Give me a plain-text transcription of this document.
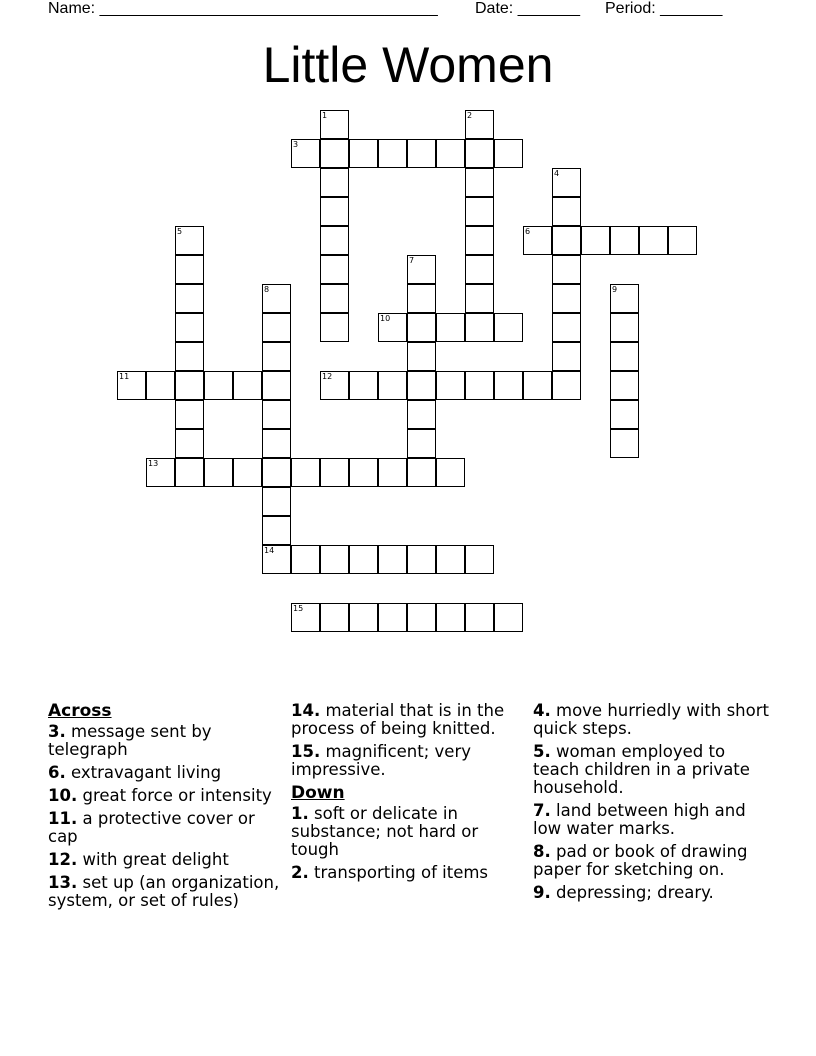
Name: ______________________________________ Date: _______ Period: _______
Little Women
1	2
3
4
5	6
7
8
14
9
10
11	12
13
15
Across
3. message sent by telegraph
6. extravagant living
10. great force or intensity
11. a protective cover or cap
12. with great delight
13. set up (an organization, system, or set of rules)
14. material that is in the process of being knitted.
15. magnificent; very impressive.
Down
1. soft or delicate in substance; not hard or tough
2. transporting of items
4. move hurriedly with short quick steps.
5. woman employed to teach children in a private household.
7. land between high and low water marks.
8. pad or book of drawing paper for sketching on.
9. depressing; dreary.
